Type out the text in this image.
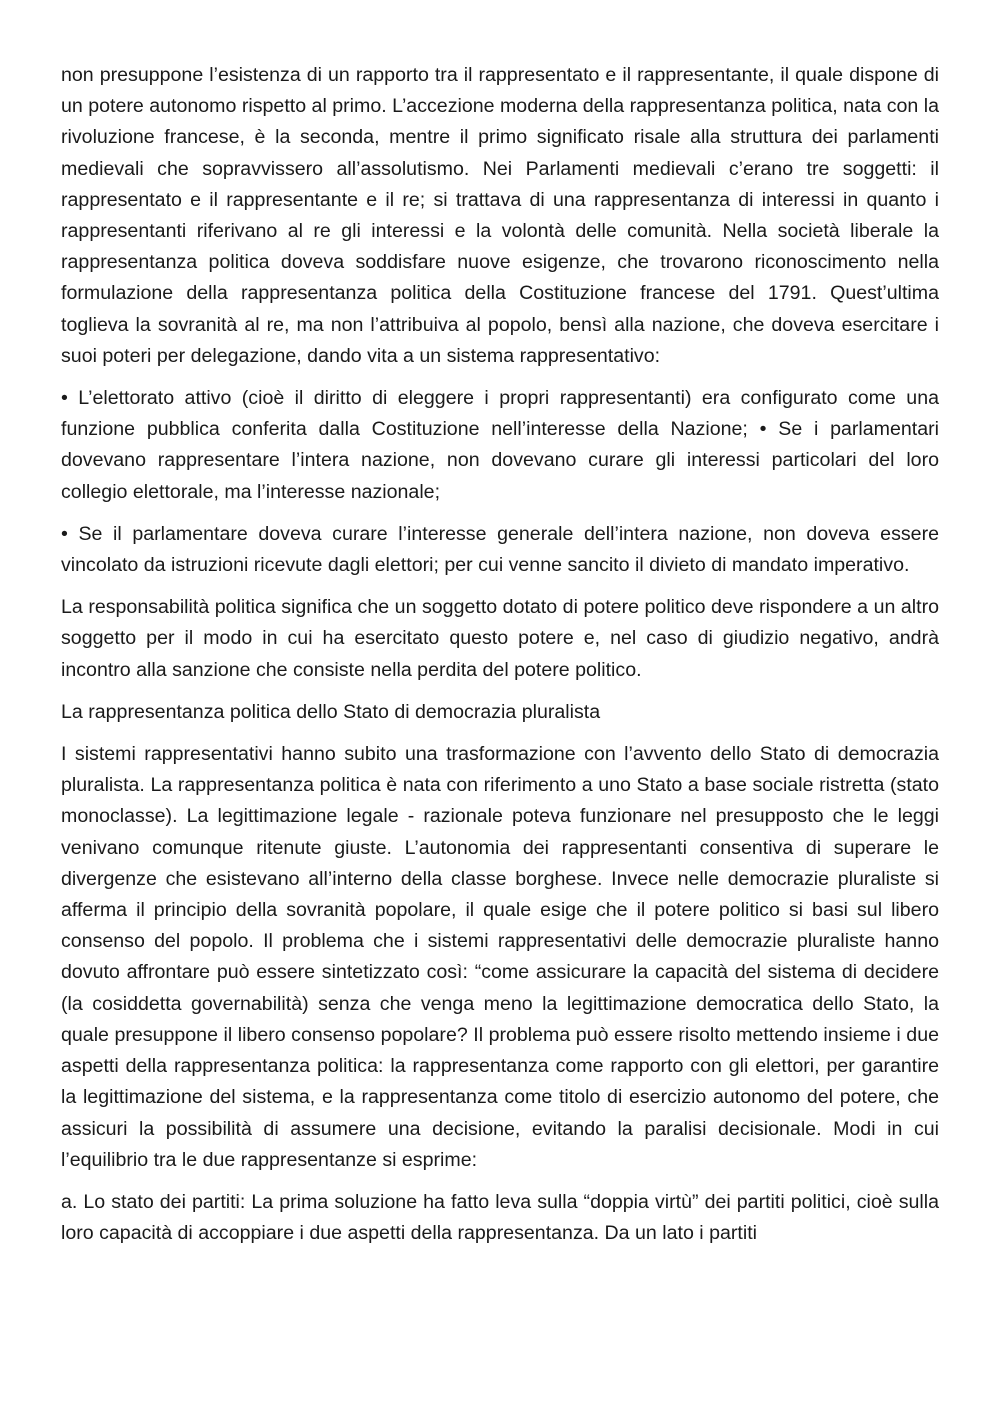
non presuppone l’esistenza di un rapporto tra il rappresentato e il rappresentante, il quale dispone di un potere autonomo rispetto al primo. L’accezione moderna della rappresentanza politica, nata con la rivoluzione francese, è la seconda, mentre il primo significato risale alla struttura dei parlamenti medievali che sopravvissero all’assolutismo. Nei Parlamenti medievali c’erano tre soggetti: il rappresentato e il rappresentante e il re; si trattava di una rappresentanza di interessi in quanto i rappresentanti riferivano al re gli interessi e la volontà delle comunità. Nella società liberale la rappresentanza politica doveva soddisfare nuove esigenze, che trovarono riconoscimento nella formulazione della rappresentanza politica della Costituzione francese del 1791. Quest’ultima toglieva la sovranità al re, ma non l’attribuiva al popolo, bensì alla nazione, che doveva esercitare i suoi poteri per delegazione, dando vita a un sistema rappresentativo:

• L’elettorato attivo (cioè il diritto di eleggere i propri rappresentanti) era configurato come una funzione pubblica conferita dalla Costituzione nell’interesse della Nazione; • Se i parlamentari dovevano rappresentare l’intera nazione, non dovevano curare gli interessi particolari del loro collegio elettorale, ma l’interesse nazionale;

• Se il parlamentare doveva curare l’interesse generale dell’intera nazione, non doveva essere vincolato da istruzioni ricevute dagli elettori; per cui venne sancito il divieto di mandato imperativo.

La responsabilità politica significa che un soggetto dotato di potere politico deve rispondere a un altro soggetto per il modo in cui ha esercitato questo potere e, nel caso di giudizio negativo, andrà incontro alla sanzione che consiste nella perdita del potere politico.

La rappresentanza politica dello Stato di democrazia pluralista

I sistemi rappresentativi hanno subito una trasformazione con l’avvento dello Stato di democrazia pluralista. La rappresentanza politica è nata con riferimento a uno Stato a base sociale ristretta (stato monoclasse). La legittimazione legale - razionale poteva funzionare nel presupposto che le leggi venivano comunque ritenute giuste. L’autonomia dei rappresentanti consentiva di superare le divergenze che esistevano all’interno della classe borghese. Invece nelle democrazie pluraliste si afferma il principio della sovranità popolare, il quale esige che il potere politico si basi sul libero consenso del popolo. Il problema che i sistemi rappresentativi delle democrazie pluraliste hanno dovuto affrontare può essere sintetizzato così: “come assicurare la capacità del sistema di decidere (la cosiddetta governabilità) senza che venga meno la legittimazione democratica dello Stato, la quale presuppone il libero consenso popolare? Il problema può essere risolto mettendo insieme i due aspetti della rappresentanza politica: la rappresentanza come rapporto con gli elettori, per garantire la legittimazione del sistema, e la rappresentanza come titolo di esercizio autonomo del potere, che assicuri la possibilità di assumere una decisione, evitando la paralisi decisionale. Modi in cui l’equilibrio tra le due rappresentanze si esprime:

a. Lo stato dei partiti: La prima soluzione ha fatto leva sulla “doppia virtù” dei partiti politici, cioè sulla loro capacità di accoppiare i due aspetti della rappresentanza. Da un lato i partiti
